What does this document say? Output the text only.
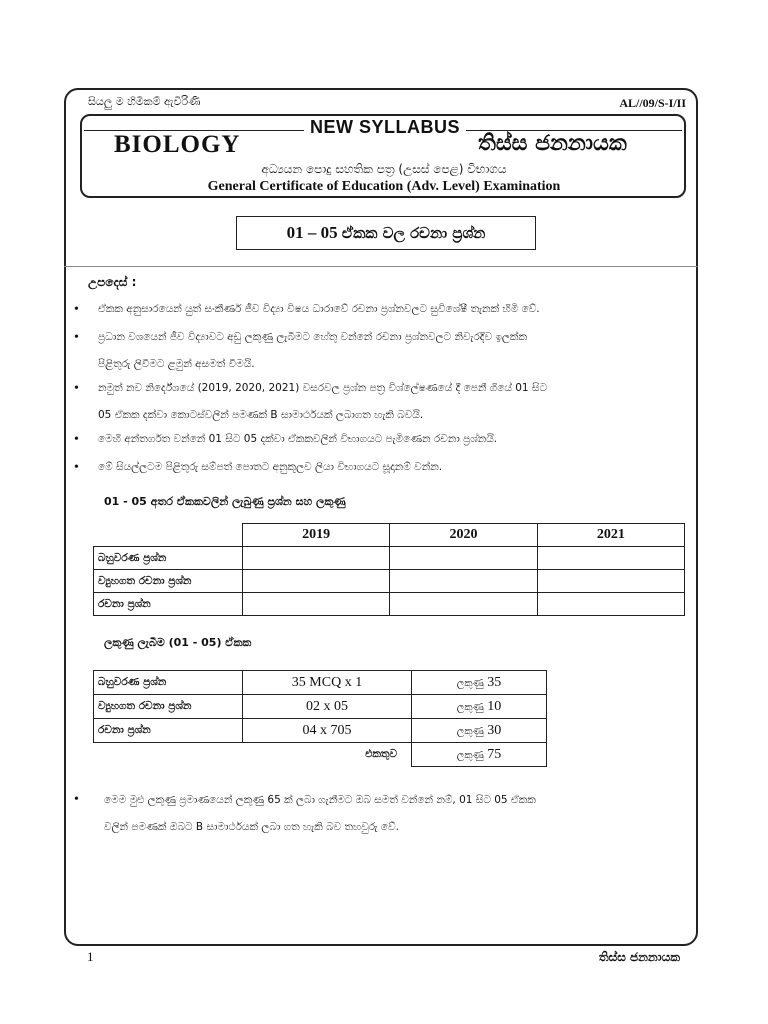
සියලු ම හිමිකම් ඇවිරිණි	AL//09/S-I/II
NEW SYLLABUS
BIOLOGY	තිස්ස ජනනායක
අධ්‍යයන පොදු සහතික පත්‍ර (උසස් පෙළ) විභාගය
General Certificate of Education (Adv. Level) Examination
01 – 05 ඒකක වල රචනා ප්‍රශ්න
උපදෙස් :
• ඒකක අනුසාරයෙන් යුත් සංකීර්ණ ජීව විද්‍යා විෂය ධාරාවේ රචනා ප්‍රශ්නවලට සුවිශේෂී තැනක් හිමි වේ.
• ප්‍රධාන වශයෙන් ජීව විද්‍යාවට අඩු ලකුණු ලැබීමට හේතු වන්නේ රචනා ප්‍රශ්නවලට නිවැරදිව ඉලක්ක
පිළිතුරු ලිවීමට ළමුන් අසමත් වීමයි.
• නමුත් නව නිර්දේශයේ (2019, 2020, 2021) වසරවල ප්‍රශ්න පත්‍ර විශ්ලේෂණයේ දී පෙනී ගියේ 01 සිට
05 ඒකක දක්වා කොටස්වලින් පමණක් B සාමාර්ථයක් ලබාගත හැකි බවයි.
• මෙහි අන්තර්ගත වන්නේ 01 සිට 05 දක්වා ඒකකවලින් විභාගයට පැමිණෙන රචනා ප්‍රශ්නයි.
• මේ සියල්ලටම පිළිතුරු සම්පත් පොතට අනුකූලව ලියා විභාගයට සූදානම් වන්න.
01 - 05 අතර ඒකකවලින් ලැබුණු ප්‍රශ්න සහ ලකුණු
	2019	2020	2021
බහුවරණ ප්‍රශ්න			
ව්‍යුහගත රචනා ප්‍රශ්න			
රචනා ප්‍රශ්න			
ලකුණු ලැබීම (01 - 05) ඒකක
බහුවරණ ප්‍රශ්න	35 MCQ x 1	ලකුණු 35
ව්‍යුහගත රචනා ප්‍රශ්න	02 x 05	ලකුණු 10
රචනා ප්‍රශ්න	04 x 705	ලකුණු 30
	එකතුව	ලකුණු 75
• මෙම මුළු ලකුණු ප්‍රමාණයෙන් ලකුණු 65 ක් ලබා ගැනීමට ඔබ සමත් වන්නේ නම්, 01 සිට 05 ඒකක
වලින් පමණක් ඔබට B සාමාර්ථයක් ලබා ගත හැකි බව තහවුරු වේ.
1	තිස්ස ජනනායක
